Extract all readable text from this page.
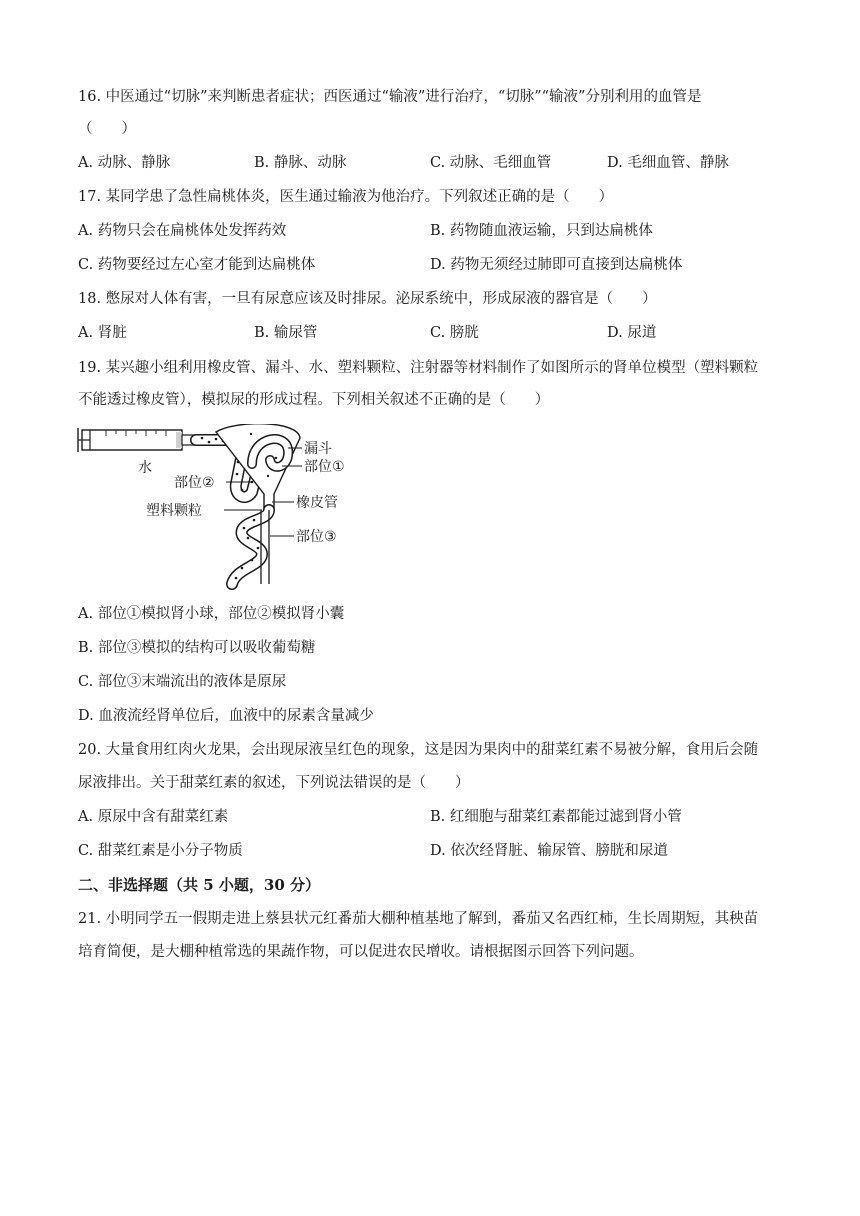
16. 中医通过“切脉”来判断患者症状；西医通过“输液”进行治疗，“切脉”“输液”分别利用的血管是
（　　）
A. 动脉、静脉	B. 静脉、动脉	C. 动脉、毛细血管	D. 毛细血管、静脉
17. 某同学患了急性扁桃体炎，医生通过输液为他治疗。下列叙述正确的是（　　）
A. 药物只会在扁桃体处发挥药效	B. 药物随血液运输，只到达扁桃体
C. 药物要经过左心室才能到达扁桃体	D. 药物无须经过肺即可直接到达扁桃体
18. 憋尿对人体有害，一旦有尿意应该及时排尿。泌尿系统中，形成尿液的器官是（　　）
A. 肾脏	B. 输尿管	C. 膀胱	D. 尿道
19. 某兴趣小组利用橡皮管、漏斗、水、塑料颗粒、注射器等材料制作了如图所示的肾单位模型（塑料颗粒
不能透过橡皮管），模拟尿的形成过程。下列相关叙述不正确的是（　　）
水
漏斗
部位①
部位②
橡皮管
塑料颗粒
部位③
A. 部位①模拟肾小球，部位②模拟肾小囊
B. 部位③模拟的结构可以吸收葡萄糖
C. 部位③末端流出的液体是原尿
D. 血液流经肾单位后，血液中的尿素含量减少
20. 大量食用红肉火龙果，会出现尿液呈红色的现象，这是因为果肉中的甜菜红素不易被分解，食用后会随
尿液排出。关于甜菜红素的叙述，下列说法错误的是（　　）
A. 原尿中含有甜菜红素	B. 红细胞与甜菜红素都能过滤到肾小管
C. 甜菜红素是小分子物质	D. 依次经肾脏、输尿管、膀胱和尿道
二、非选择题（共 5 小题，30 分）
21. 小明同学五一假期走进上蔡县状元红番茄大棚种植基地了解到，番茄又名西红柿，生长周期短，其秧苗
培育简便，是大棚种植常选的果蔬作物，可以促进农民增收。请根据图示回答下列问题。
